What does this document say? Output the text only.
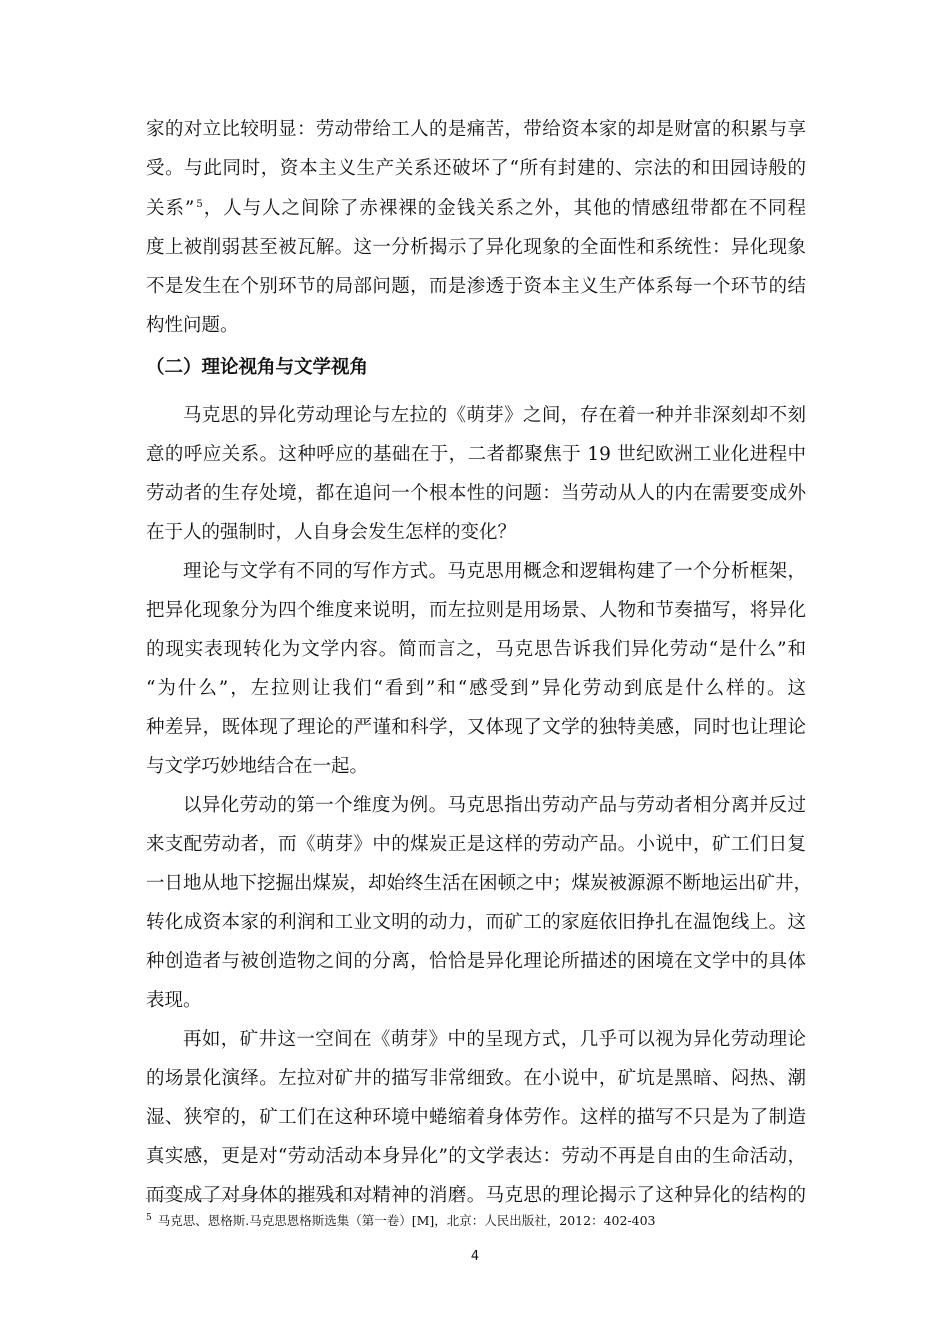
家的对立比较明显：劳动带给工人的是痛苦，带给资本家的却是财富的积累与享

受。与此同时，资本主义生产关系还破坏了“所有封建的、宗法的和田园诗般的

关系” $^5$，人与人之间除了赤裸裸的金钱关系之外，其他的情感纽带都在不同程

度上被削弱甚至被瓦解。这一分析揭示了异化现象的全面性和系统性：异化现象

不是发生在个别环节的局部问题，而是渗透于资本主义生产体系每一个环节的结

构性问题。

（二）理论视角与文学视角

马克思的异化劳动理论与左拉的《萌芽》之间，存在着一种并非深刻却不刻

意的呼应关系。这种呼应的基础在于，二者都聚焦于 19 世纪欧洲工业化进程中

劳动者的生存处境，都在追问一个根本性的问题：当劳动从人的内在需要变成外

在于人的强制时，人自身会发生怎样的变化？

理论与文学有不同的写作方式。马克思用概念和逻辑构建了一个分析框架，

把异化现象分为四个维度来说明，而左拉则是用场景、人物和节奏描写，将异化

的现实表现转化为文学内容。简而言之，马克思告诉我们异化劳动“是什么”和

“为什么”，左拉则让我们“看到”和“感受到”异化劳动到底是什么样的。这

种差异，既体现了理论的严谨和科学，又体现了文学的独特美感，同时也让理论

与文学巧妙地结合在一起。

以异化劳动的第一个维度为例。马克思指出劳动产品与劳动者相分离并反过

来支配劳动者，而《萌芽》中的煤炭正是这样的劳动产品。小说中，矿工们日复

一日地从地下挖掘出煤炭，却始终生活在困顿之中；煤炭被源源不断地运出矿井，

转化成资本家的利润和工业文明的动力，而矿工的家庭依旧挣扎在温饱线上。这

种创造者与被创造物之间的分离，恰恰是异化理论所描述的困境在文学中的具体

表现。

再如，矿井这一空间在《萌芽》中的呈现方式，几乎可以视为异化劳动理论

的场景化演绎。左拉对矿井的描写非常细致。在小说中，矿坑是黑暗、闷热、潮

湿、狭窄的，矿工们在这种环境中蜷缩着身体劳作。这样的描写不只是为了制造

真实感，更是对“劳动活动本身异化”的文学表达：劳动不再是自由的生命活动，

而变成了对身体的摧残和对精神的消磨。马克思的理论揭示了这种异化的结构的

$^5$ 马克思、恩格斯.马克思恩格斯选集（第一卷）[M]，北京：人民出版社，2012：402-403

4
